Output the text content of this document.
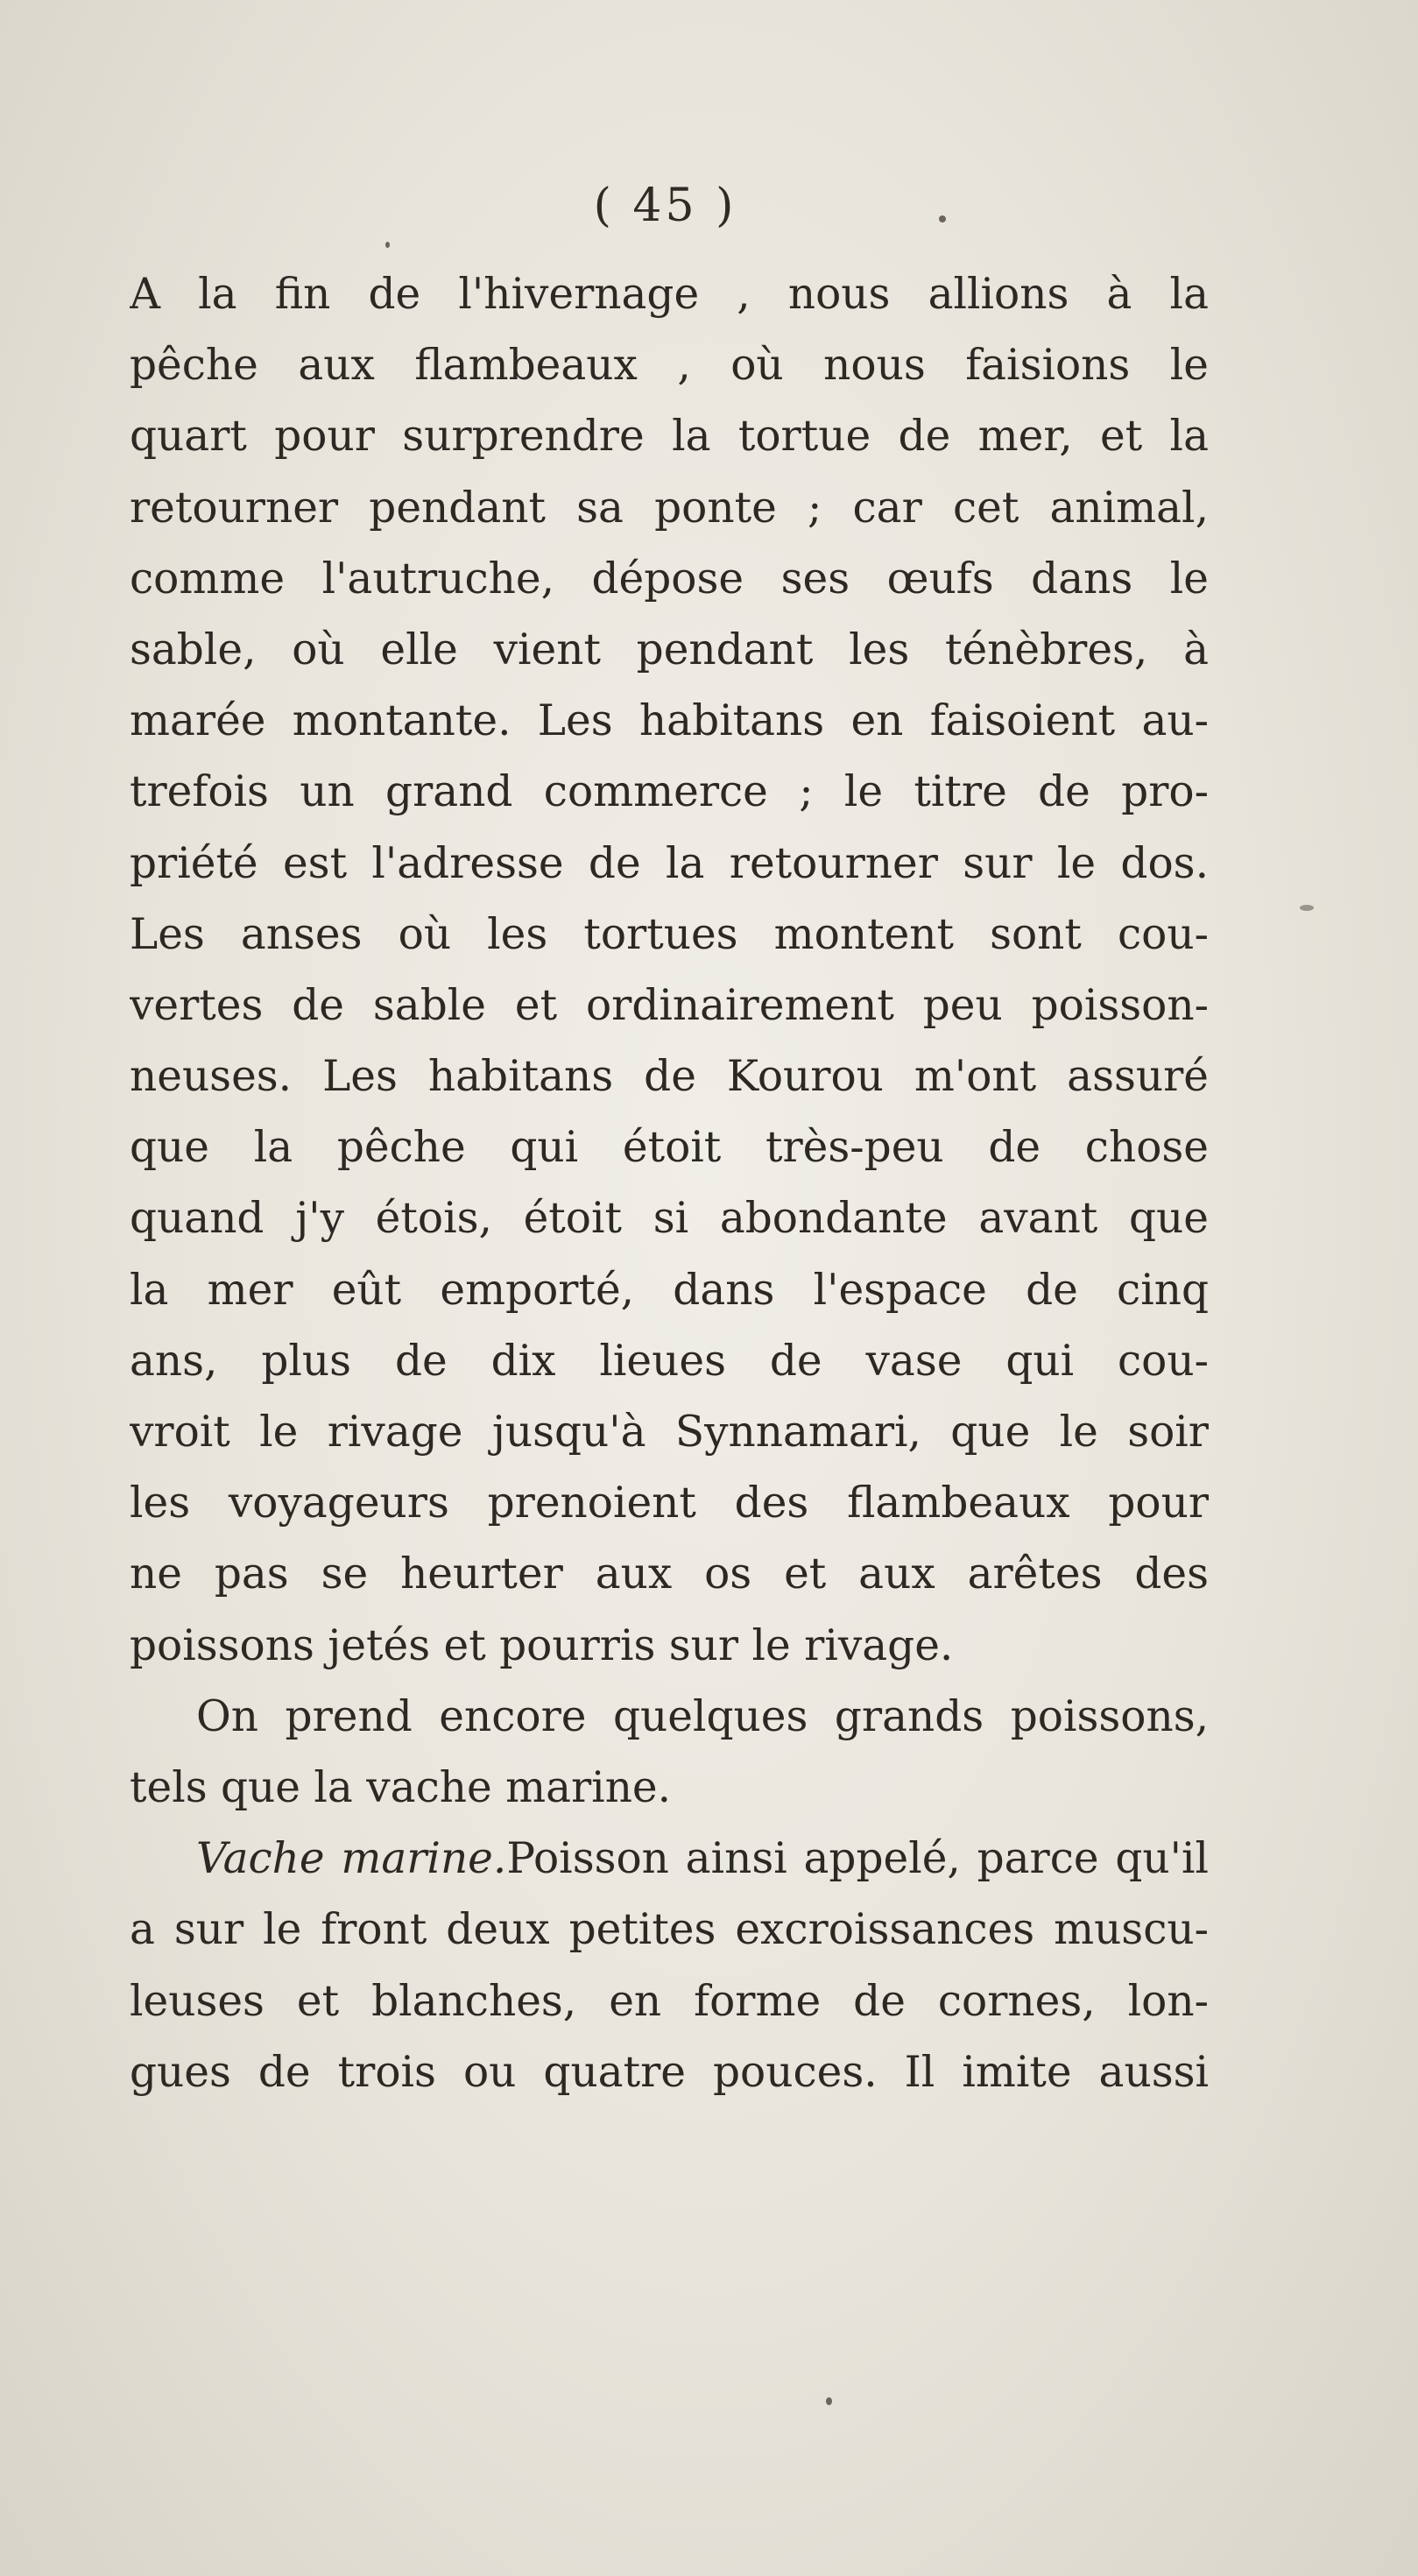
( 45 )
A la fin de l'hivernage , nous allions à la
pêche aux flambeaux , où nous faisions le
quart pour surprendre la tortue de mer, et la
retourner pendant sa ponte ; car cet animal,
comme l'autruche, dépose ses œufs dans le
sable, où elle vient pendant les ténèbres, à
marée montante. Les habitans en faisoient au-
trefois un grand commerce ; le titre de pro-
priété est l'adresse de la retourner sur le dos.
Les anses où les tortues montent sont cou-
vertes de sable et ordinairement peu poisson-
neuses. Les habitans de Kourou m'ont assuré
que la pêche qui étoit très-peu de chose
quand j'y étois, étoit si abondante avant que
la mer eût emporté, dans l'espace de cinq
ans, plus de dix lieues de vase qui cou-
vroit le rivage jusqu'à Synnamari, que le soir
les voyageurs prenoient des flambeaux pour
ne pas se heurter aux os et aux arêtes des
poissons jetés et pourris sur le rivage.
On prend encore quelques grands poissons,
tels que la vache marine.
Vache marine.Poisson ainsi appelé, parce qu'il
a sur le front deux petites excroissances muscu-
leuses et blanches, en forme de cornes, lon-
gues de trois ou quatre pouces. Il imite aussi
